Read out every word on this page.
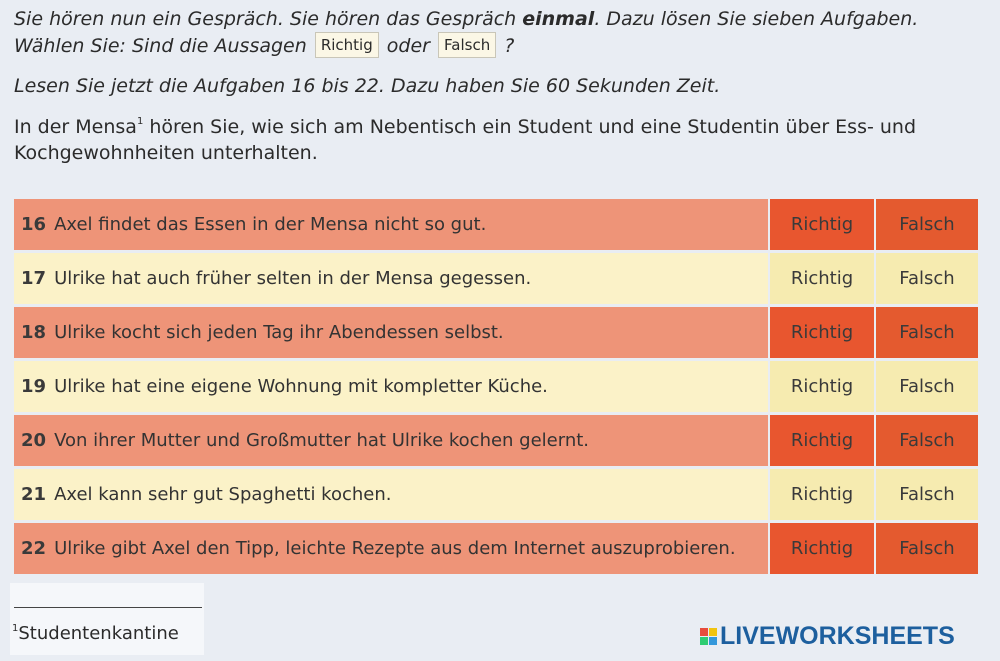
Sie hören nun ein Gespräch. Sie hören das Gespräch einmal. Dazu lösen Sie sieben Aufgaben.
Wählen Sie: Sind die Aussagen Richtig oder Falsch ?
Lesen Sie jetzt die Aufgaben 16 bis 22. Dazu haben Sie 60 Sekunden Zeit.
In der Mensa$^1$ hören Sie, wie sich am Nebentisch ein Student und eine Studentin über Ess- und
Kochgewohnheiten unterhalten.
16 Axel findet das Essen in der Mensa nicht so gut.	Richtig	Falsch
17 Ulrike hat auch früher selten in der Mensa gegessen.	Richtig	Falsch
18 Ulrike kocht sich jeden Tag ihr Abendessen selbst.	Richtig	Falsch
19 Ulrike hat eine eigene Wohnung mit kompletter Küche.	Richtig	Falsch
20 Von ihrer Mutter und Großmutter hat Ulrike kochen gelernt.	Richtig	Falsch
21 Axel kann sehr gut Spaghetti kochen.	Richtig	Falsch
22 Ulrike gibt Axel den Tipp, leichte Rezepte aus dem Internet auszuprobieren.	Richtig	Falsch
$^1$Studentenkantine	LIVEWORKSHEETS
